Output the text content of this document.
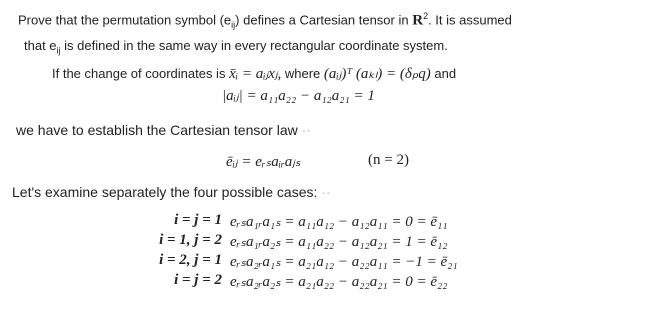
Prove that the permutation symbol $(e_{ij})$ defines a Cartesian tensor in $R^2$. It is assumed
that $e_{ij}$ is defined in the same way in every rectangular coordinate system.
If the change of coordinates is x̄ᵢ = aᵢⱼxⱼ, where (aᵢⱼ)ᵀ (aₖₗ) = (δₚq) and
|aᵢⱼ| = a₁₁a₂₂ − a₁₂a₂₁ = 1
we have to establish the Cartesian tensor law ··
ēᵢⱼ = eᵣₛaᵢᵣaⱼₛ	(n = 2)
Let's examine separately the four possible cases: ··
i = j = 1 eᵣₛa₁ᵣa₁ₛ = a₁₁a₁₂ − a₁₂a₁₁ = 0 = ē₁₁
i = 1, j = 2 eᵣₛa₁ᵣa₂ₛ = a₁₁a₂₂ − a₁₂a₂₁ = 1 = ē₁₂
i = 2, j = 1 eᵣₛa₂ᵣa₁ₛ = a₂₁a₁₂ − a₂₂a₁₁ = −1 = ē₂₁
i = j = 2 eᵣₛa₂ᵣa₂ₛ = a₂₁a₂₂ − a₂₂a₂₁ = 0 = ē₂₂
